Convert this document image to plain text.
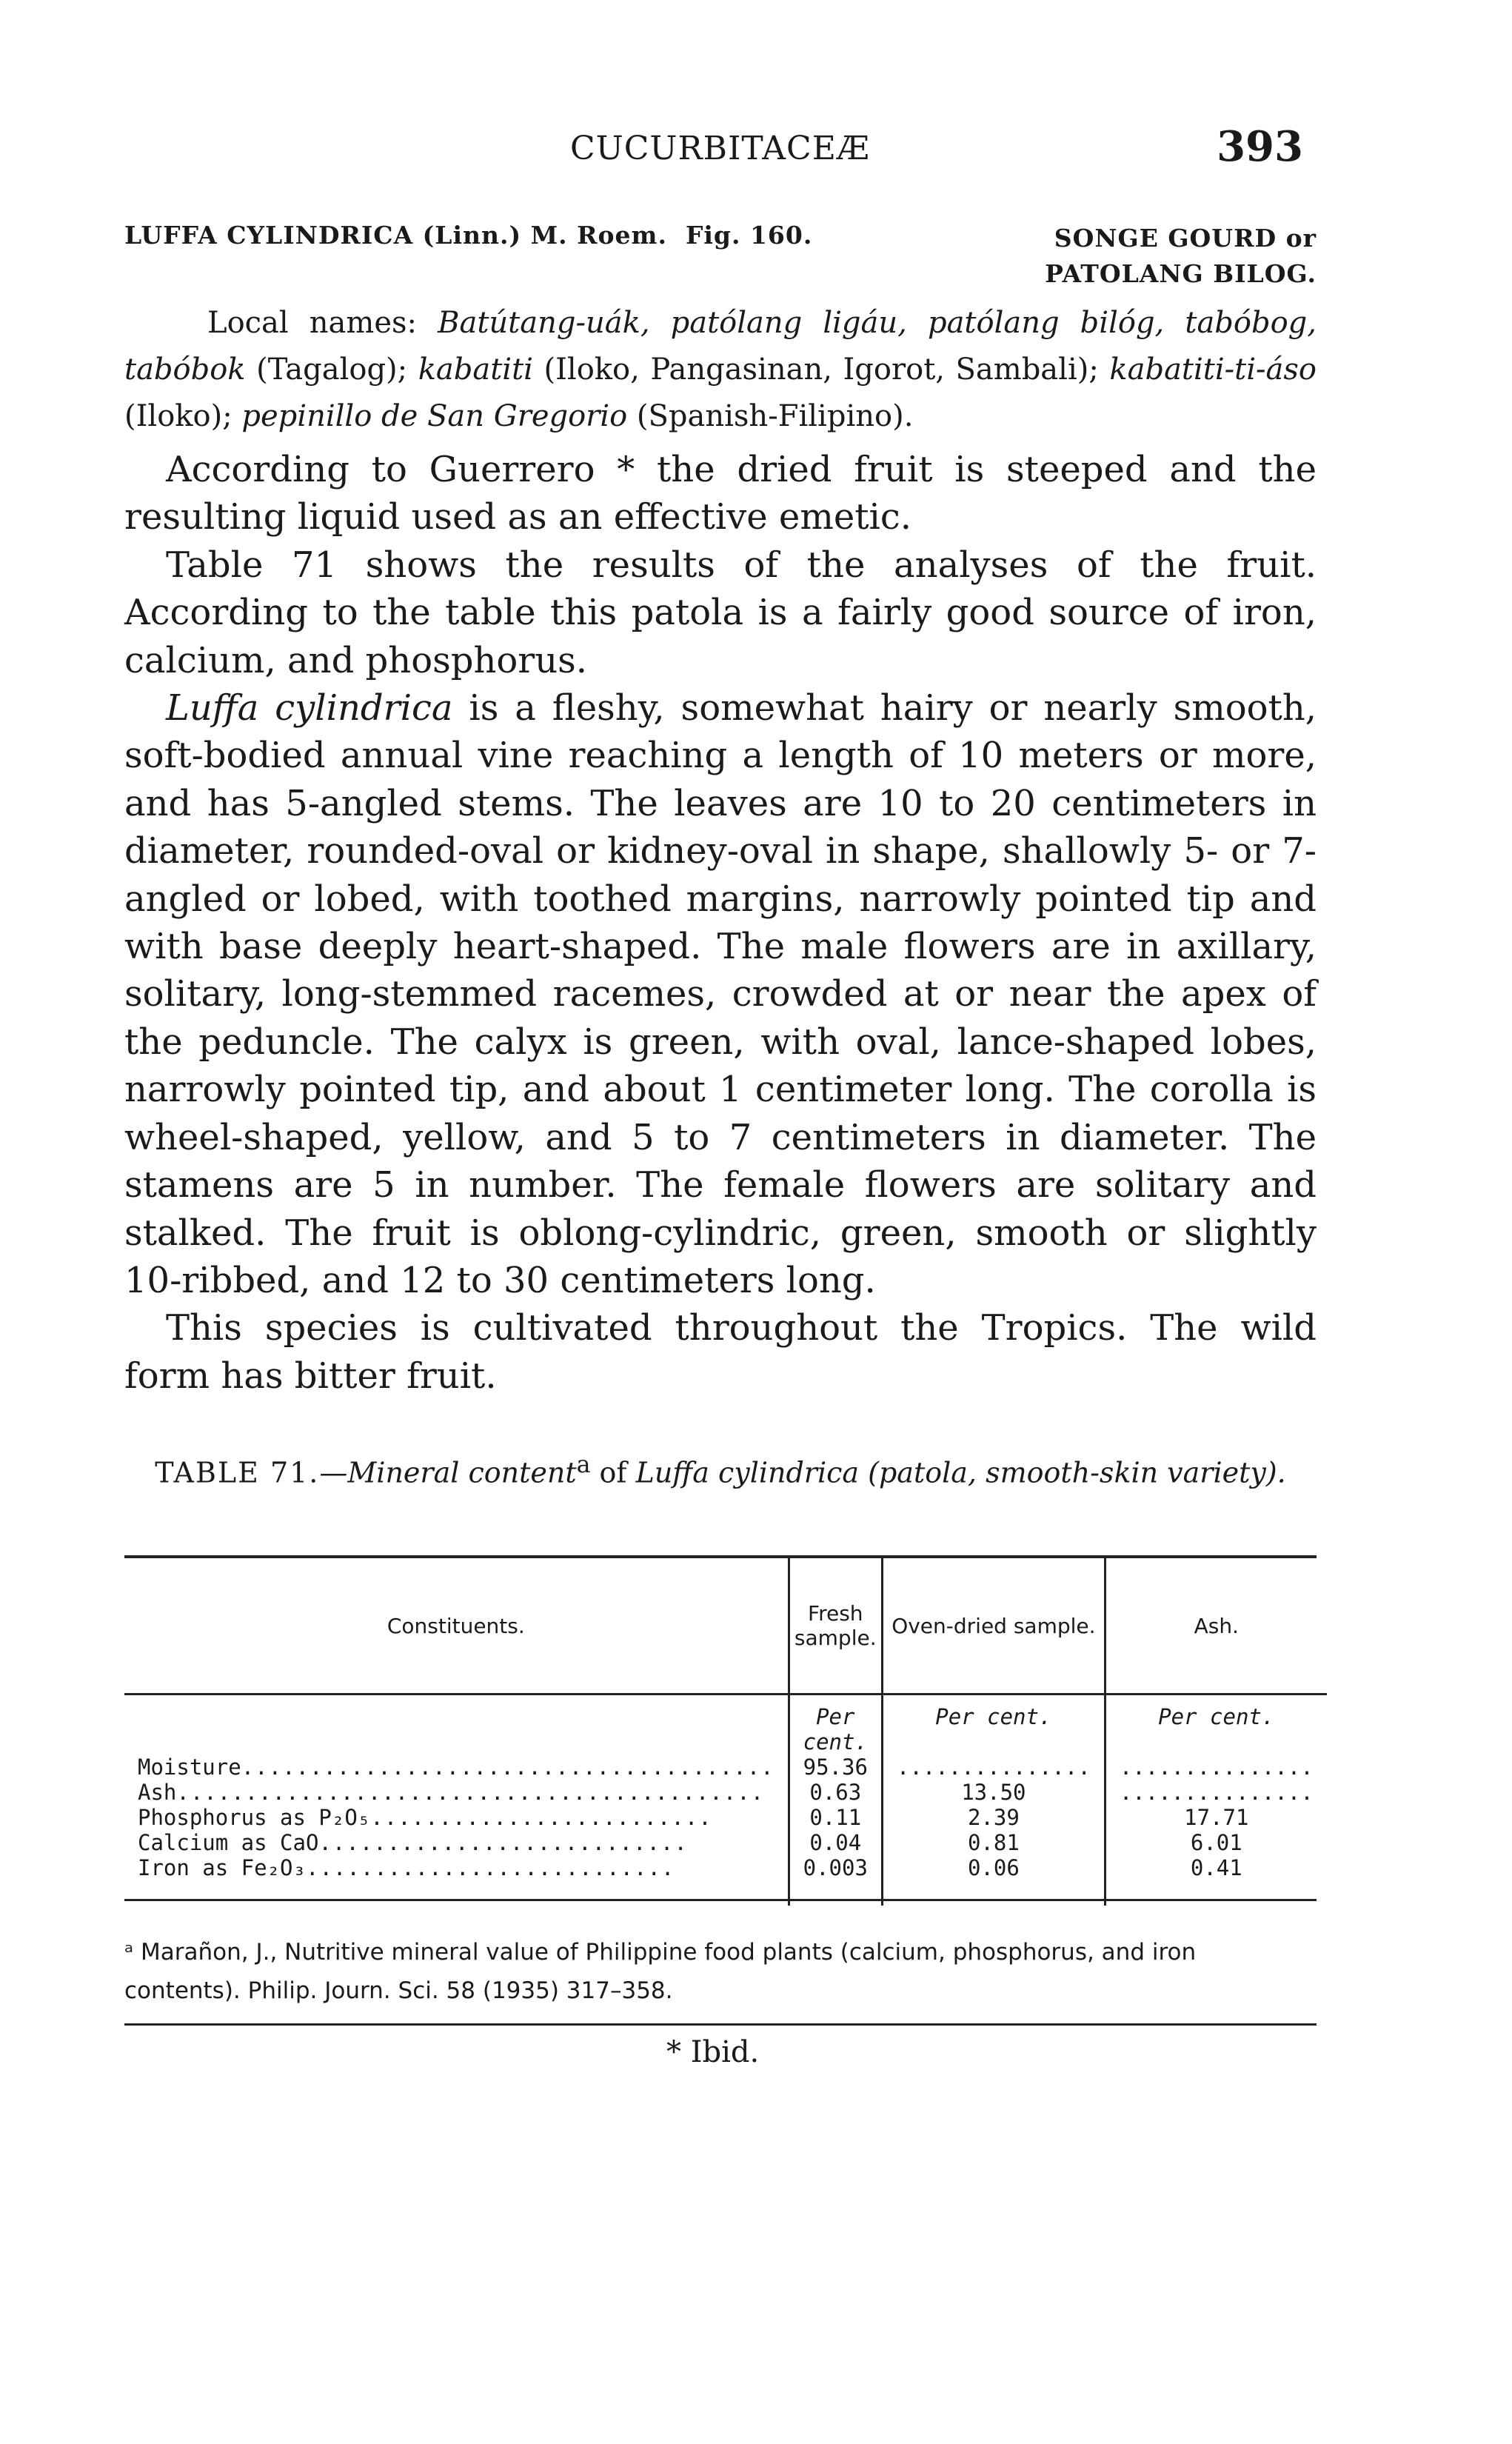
CUCURBITACEÆ	393
LUFFA CYLINDRICA (Linn.) M. Roem. Fig. 160.	SONGE GOURD or
PATOLANG BILOG.
Local names: Batútang-uák, patólang ligáu, patólang biló́g, tabóbog, tabóbok (Tagalog); kabatiti (Iloko, Pangasinan, Igorot, Sambali); kabatiti-ti-áso (Iloko); pepinillo de San Gregorio (Spanish-Filipino).

According to Guerrero * the dried fruit is steeped and the resulting liquid used as an effective emetic.

Table 71 shows the results of the analyses of the fruit. According to the table this patola is a fairly good source of iron, calcium, and phosphorus.

Luffa cylindrica is a fleshy, somewhat hairy or nearly smooth, soft-bodied annual vine reaching a length of 10 meters or more, and has 5-angled stems. The leaves are 10 to 20 centimeters in diameter, rounded-oval or kidney-oval in shape, shallowly 5- or 7-angled or lobed, with toothed margins, narrowly pointed tip and with base deeply heart-shaped. The male flowers are in axillary, solitary, long-stemmed racemes, crowded at or near the apex of the peduncle. The calyx is green, with oval, lance-shaped lobes, narrowly pointed tip, and about 1 centimeter long. The corolla is wheel-shaped, yellow, and 5 to 7 centimeters in diameter. The stamens are 5 in number. The female flowers are solitary and stalked. The fruit is oblong-cylindric, green, smooth or slightly 10-ribbed, and 12 to 30 centimeters long.

This species is cultivated throughout the Tropics. The wild form has bitter fruit.

TABLE 71.—Mineral content$^a$ of Luffa cylindrica (patola, smooth-skin variety).
Constituents.	Fresh sample.	Oven-dried sample.	Ash.
	Per cent.	Per cent.	Per cent.
Moisture.......................................	95.36	...............	...............
Ash...........................................	0.63	13.50	...............
Phosphorus as P₂O₅.........................	0.11	2.39	17.71
Calcium as CaO...........................	0.04	0.81	6.01
Iron as Fe₂O₃...........................	0.003	0.06	0.41

ᵃ Marañon, J., Nutritive mineral value of Philippine food plants (calcium, phosphorus, and iron contents). Philip. Journ. Sci. 58 (1935) 317–358.
* Ibid.
